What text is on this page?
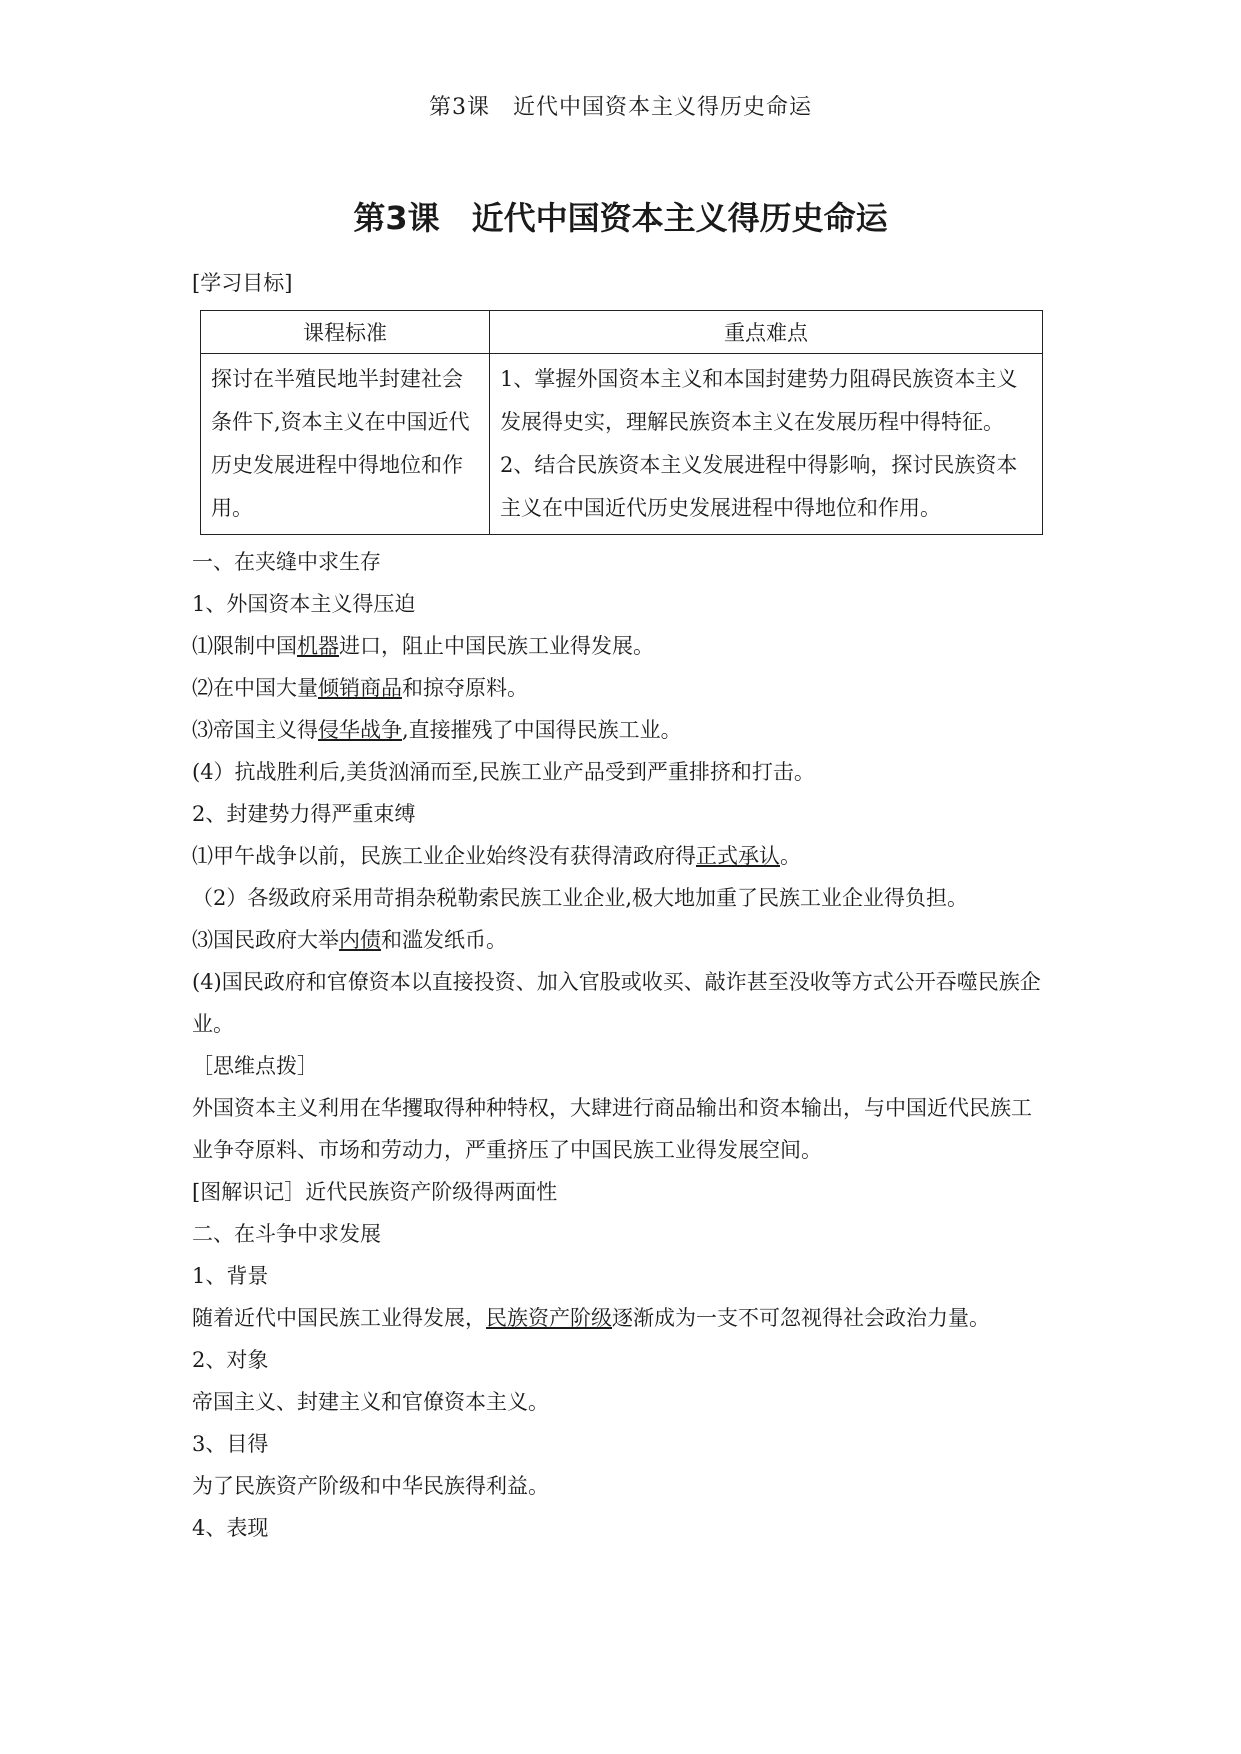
第3课　近代中国资本主义得历史命运
第3课　近代中国资本主义得历史命运

[学习目标]

课程标准	重点难点
探讨在半殖民地半封建社会条件下,资本主义在中国近代历史发展进程中得地位和作用。	1、掌握外国资本主义和本国封建势力阻碍民族资本主义发展得史实，理解民族资本主义在发展历程中得特征。
2、结合民族资本主义发展进程中得影响，探讨民族资本主义在中国近代历史发展进程中得地位和作用。

一、在夹缝中求生存

1、外国资本主义得压迫

⑴限制中国机器进口，阻止中国民族工业得发展。

⑵在中国大量倾销商品和掠夺原料。

⑶帝国主义得侵华战争,直接摧残了中国得民族工业。

(4）抗战胜利后,美货汹涌而至,民族工业产品受到严重排挤和打击。

2、封建势力得严重束缚

⑴甲午战争以前，民族工业企业始终没有获得清政府得正式承认。

（2）各级政府采用苛捐杂税勒索民族工业企业,极大地加重了民族工业企业得负担。

⑶国民政府大举内债和滥发纸币。

(4)国民政府和官僚资本以直接投资、加入官股或收买、敲诈甚至没收等方式公开吞噬民族企业。

［思维点拨］

外国资本主义利用在华攫取得种种特权，大肆进行商品输出和资本输出，与中国近代民族工业争夺原料、市场和劳动力，严重挤压了中国民族工业得发展空间。

[图解识记］近代民族资产阶级得两面性

二、在斗争中求发展

1、背景

随着近代中国民族工业得发展，民族资产阶级逐渐成为一支不可忽视得社会政治力量。

2、对象

帝国主义、封建主义和官僚资本主义。

3、目得

为了民族资产阶级和中华民族得利益。

4、表现
